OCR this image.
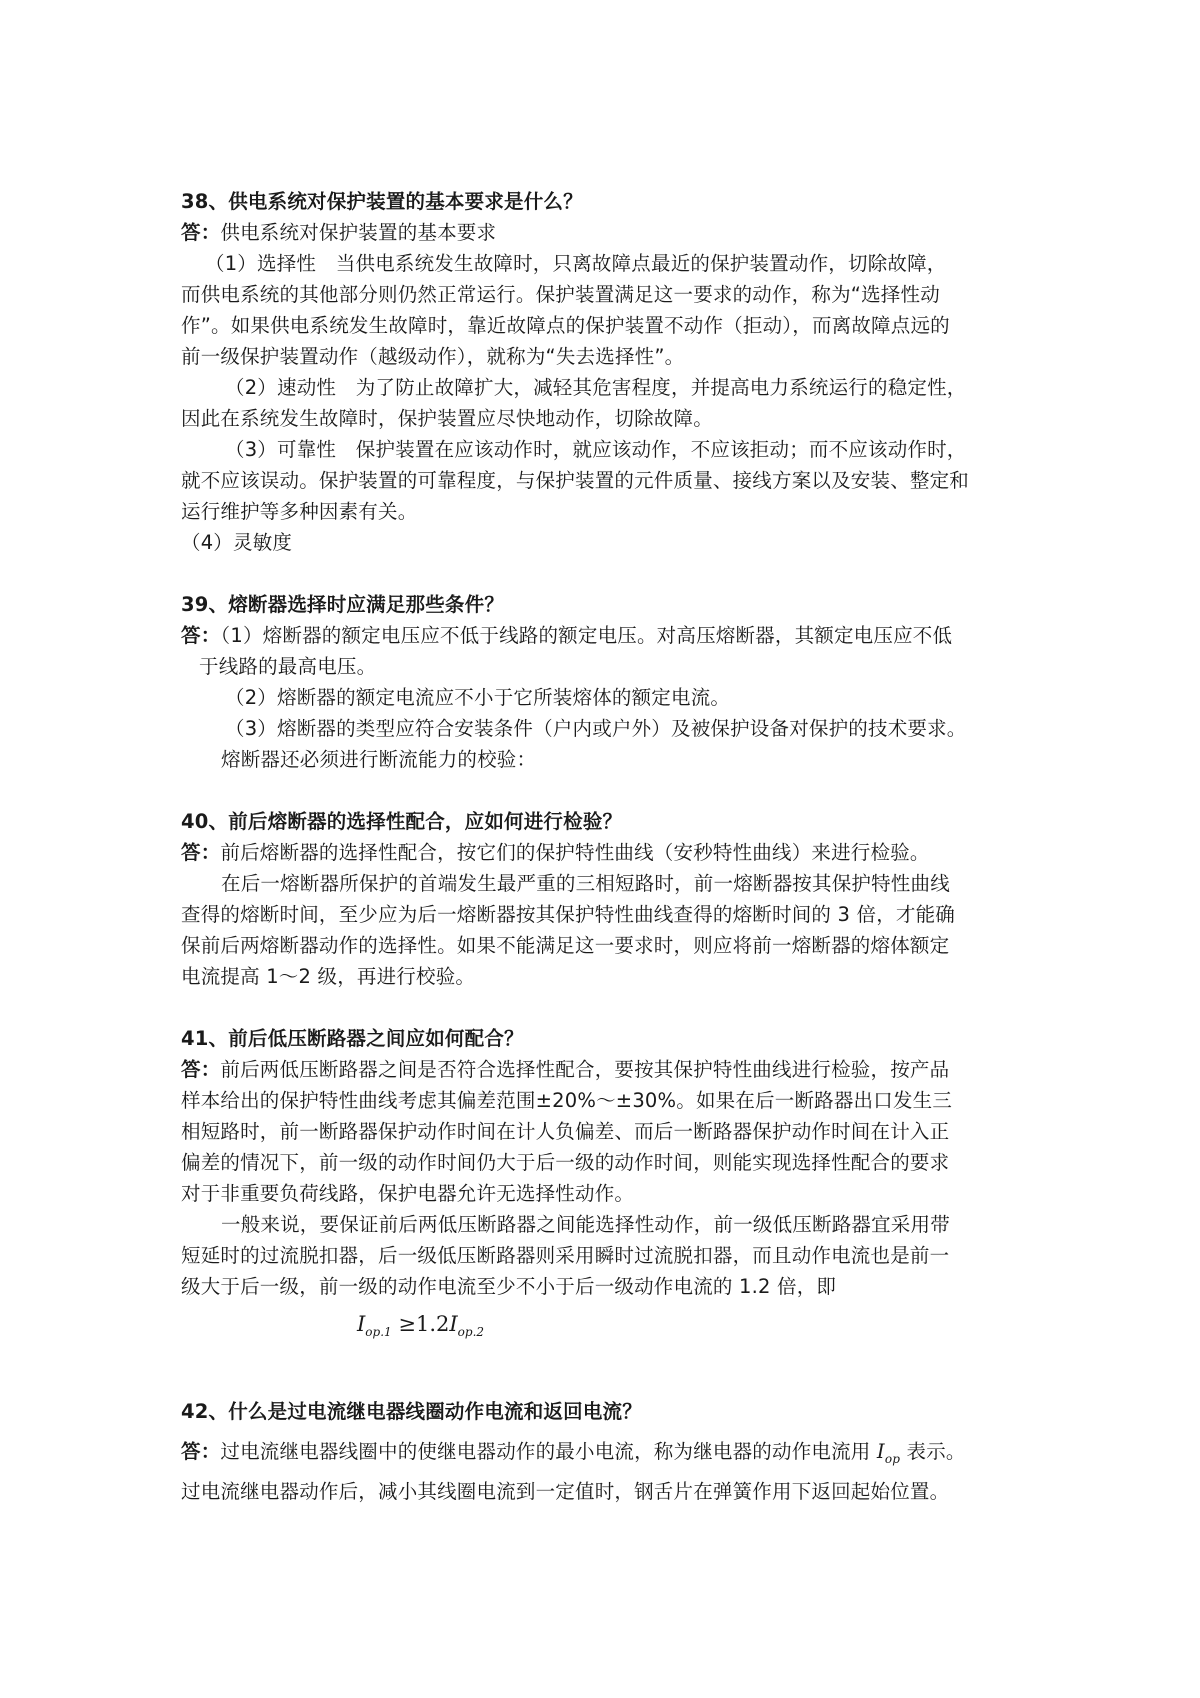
38、供电系统对保护装置的基本要求是什么？
答：供电系统对保护装置的基本要求
（1）选择性　当供电系统发生故障时，只离故障点最近的保护装置动作，切除故障，
而供电系统的其他部分则仍然正常运行。保护装置满足这一要求的动作，称为“选择性动
作”。如果供电系统发生故障时，靠近故障点的保护装置不动作（拒动），而离故障点远的
前一级保护装置动作（越级动作），就称为“失去选择性”。
（2）速动性　为了防止故障扩大，减轻其危害程度，并提高电力系统运行的稳定性，
因此在系统发生故障时，保护装置应尽快地动作，切除故障。
（3）可靠性　保护装置在应该动作时，就应该动作，不应该拒动；而不应该动作时，
就不应该误动。保护装置的可靠程度，与保护装置的元件质量、接线方案以及安装、整定和
运行维护等多种因素有关。
（4）灵敏度
39、熔断器选择时应满足那些条件？
答：（1）熔断器的额定电压应不低于线路的额定电压。对高压熔断器，其额定电压应不低
于线路的最高电压。
（2）熔断器的额定电流应不小于它所装熔体的额定电流。
（3）熔断器的类型应符合安装条件（户内或户外）及被保护设备对保护的技术要求。
熔断器还必须进行断流能力的校验：
40、前后熔断器的选择性配合，应如何进行检验？
答：前后熔断器的选择性配合，按它们的保护特性曲线（安秒特性曲线）来进行检验。
在后一熔断器所保护的首端发生最严重的三相短路时，前一熔断器按其保护特性曲线
查得的熔断时间，至少应为后一熔断器按其保护特性曲线查得的熔断时间的 3 倍，才能确
保前后两熔断器动作的选择性。如果不能满足这一要求时，则应将前一熔断器的熔体额定
电流提高 1～2 级，再进行校验。
41、前后低压断路器之间应如何配合？
答：前后两低压断路器之间是否符合选择性配合，要按其保护特性曲线进行检验，按产品
样本给出的保护特性曲线考虑其偏差范围±20%～±30%。如果在后一断路器出口发生三
相短路时，前一断路器保护动作时间在计人负偏差、而后一断路器保护动作时间在计入正
偏差的情况下，前一级的动作时间仍大于后一级的动作时间，则能实现选择性配合的要求
对于非重要负荷线路，保护电器允许无选择性动作。
一般来说，要保证前后两低压断路器之间能选择性动作，前一级低压断路器宜采用带
短延时的过流脱扣器，后一级低压断路器则采用瞬时过流脱扣器，而且动作电流也是前一
级大于后一级，前一级的动作电流至少不小于后一级动作电流的 1.2 倍，即
$I_{op.1} \ge 1.2I_{op.2}$
42、什么是过电流继电器线圈动作电流和返回电流？
答：过电流继电器线圈中的使继电器动作的最小电流，称为继电器的动作电流用 $I_{op}$ 表示。
过电流继电器动作后，减小其线圈电流到一定值时，钢舌片在弹簧作用下返回起始位置。
